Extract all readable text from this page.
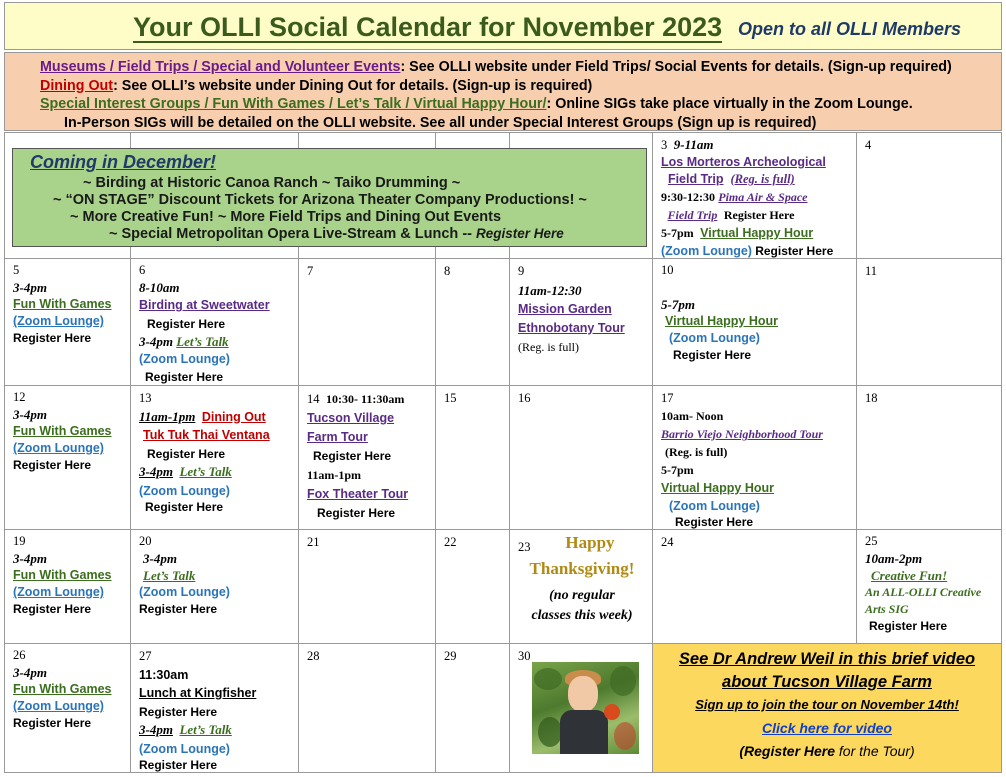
Your OLLI Social Calendar for November 2023 Open to all OLLI Members
Museums / Field Trips / Special and Volunteer Events: See OLLI website under Field Trips/ Social Events for details. (Sign-up required)
Dining Out: See OLLI’s website under Dining Out for details. (Sign-up is required)
Special Interest Groups / Fun With Games / Let’s Talk / Virtual Happy Hour/: Online SIGs take place virtually in the Zoom Lounge.
In-Person SIGs will be detailed on the OLLI website. See all under Special Interest Groups (Sign up is required)
3 9-11am
Los Morteros Archeological
Field Trip (Reg. is full)
9:30-12:30 Pima Air & Space
Field Trip Register Here
5-7pm Virtual Happy Hour
(Zoom Lounge) Register Here
4
Coming in December!
~ Birding at Historic Canoa Ranch ~ Taiko Drumming ~
~ “ON STAGE” Discount Tickets for Arizona Theater Company Productions! ~
~ More Creative Fun! ~ More Field Trips and Dining Out Events
~ Special Metropolitan Opera Live-Stream & Lunch -- Register Here
5
3-4pm
Fun With Games
(Zoom Lounge)
Register Here
6
8-10am
Birding at Sweetwater
Register Here
3-4pm Let’s Talk
(Zoom Lounge)
Register Here
7	8	9
11am-12:30
Mission Garden
Ethnobotany Tour
(Reg. is full)
10
5-7pm
Virtual Happy Hour
(Zoom Lounge)
Register Here
11
12
3-4pm
Fun With Games
(Zoom Lounge)
Register Here
13
11am-1pm Dining Out
Tuk Tuk Thai Ventana
Register Here
3-4pm Let’s Talk
(Zoom Lounge)
Register Here
14 10:30- 11:30am
Tucson Village
Farm Tour
Register Here
11am-1pm
Fox Theater Tour
Register Here
15	16	17
10am- Noon
Barrio Viejo Neighborhood Tour
(Reg. is full)
5-7pm
Virtual Happy Hour
(Zoom Lounge)
Register Here
18
19
3-4pm
Fun With Games
(Zoom Lounge)
Register Here
20
3-4pm
Let’s Talk
(Zoom Lounge)
Register Here
21	22	23	Happy
Thanksgiving!
(no regular
classes this week)
24	25
10am-2pm
Creative Fun!
An ALL-OLLI Creative
Arts SIG
Register Here
26
3-4pm
Fun With Games
(Zoom Lounge)
Register Here
27
11:30am
Lunch at Kingfisher
Register Here
3-4pm Let’s Talk
(Zoom Lounge)
Register Here
28	29	30	See Dr Andrew Weil in this brief video
about Tucson Village Farm
Sign up to join the tour on November 14th!
Click here for video
(Register Here for the Tour)
